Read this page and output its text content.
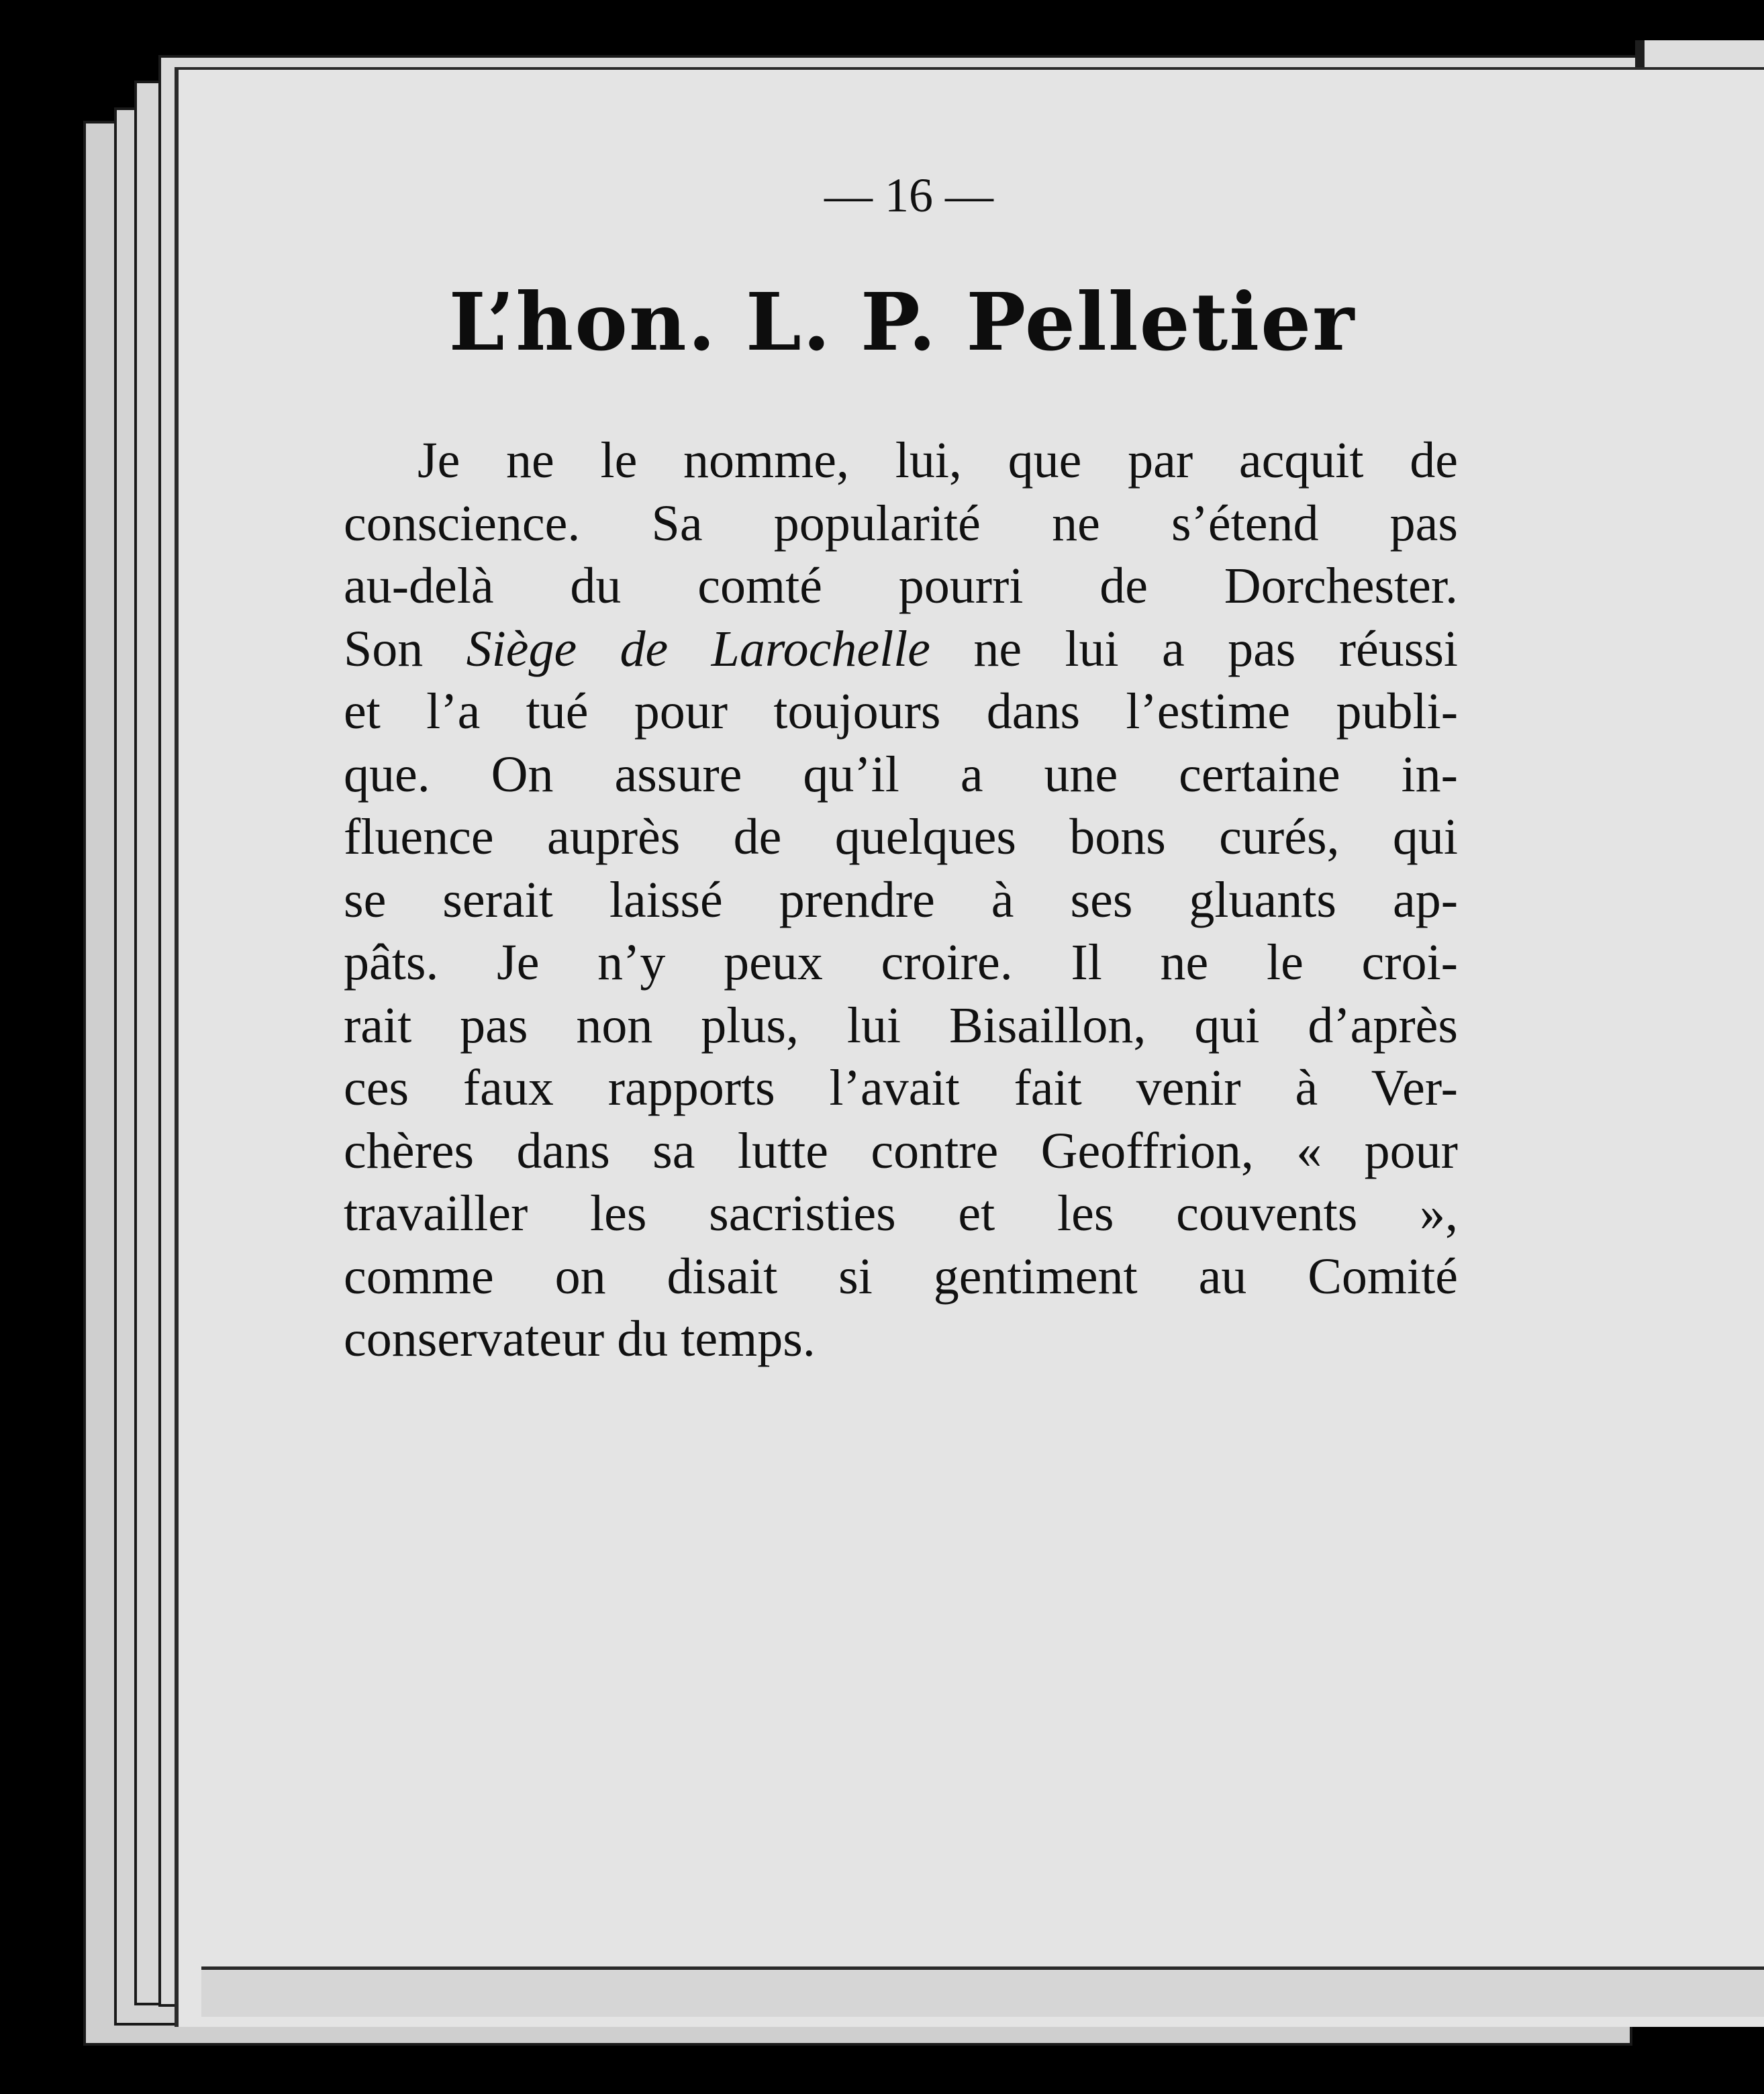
— 16 —
L’hon. L. P. Pelletier
Je ne le nomme, lui, que par acquit de
conscience. Sa popularité ne s’étend pas
au-delà du comté pourri de Dorchester.
Son Siège de Larochelle ne lui a pas réussi
et l’a tué pour toujours dans l’estime publi-
que. On assure qu’il a une certaine in-
fluence auprès de quelques bons curés, qui
se serait laissé prendre à ses gluants ap-
pâts. Je n’y peux croire. Il ne le croi-
rait pas non plus, lui Bisaillon, qui d’après
ces faux rapports l’avait fait venir à Ver-
chères dans sa lutte contre Geoffrion, « pour
travailler les sacristies et les couvents »,
comme on disait si gentiment au Comité
conservateur du temps.
